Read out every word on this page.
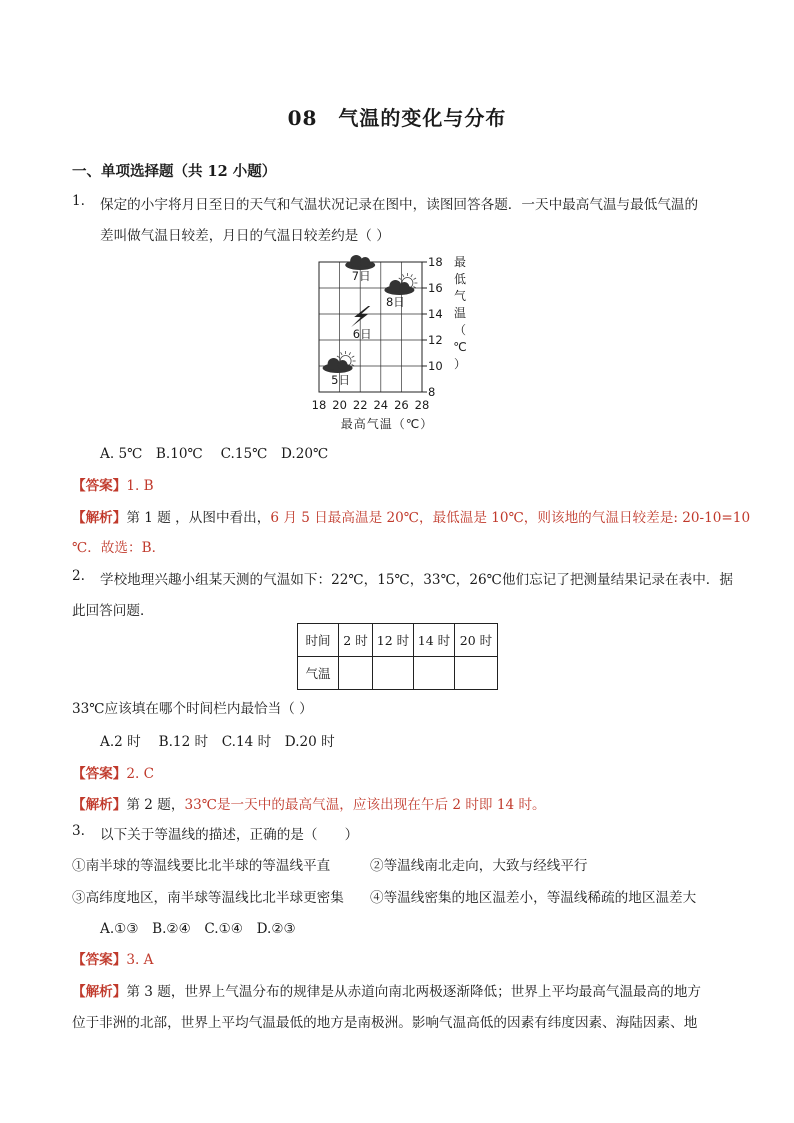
08　气温的变化与分布
一、单项选择题（共 12 小题）
1. 保定的小宇将月日至日的天气和气温状况记录在图中，读图回答各题．一天中最高气温与最低气温的
差叫做气温日较差，月日的气温日较差约是（ ）
18 20 22 24 26 28
8
10
12
14
16
18
5日
6日
7日
8日
最高气温（℃）
最
低
气
温
（
℃
）
A. 5℃　B.10℃　 C.15℃　D.20℃
【答案】1. B
【解析】第 1 题 ，从图中看出，6 月 5 日最高温是 20℃，最低温是 10℃，则该地的气温日较差是: 20-10=10
℃．故选：B．
2. 学校地理兴趣小组某天测的气温如下：22℃，15℃，33℃，26℃他们忘记了把测量结果记录在表中．据
此回答问题．
时间	2 时	12 时	14 时	20 时
气温				
33℃应该填在哪个时间栏内最恰当（ ）
A.2 时　 B.12 时　C.14 时　D.20 时
【答案】2. C
【解析】第 2 题，33℃是一天中的最高气温，应该出现在午后 2 时即 14 时。
3. 以下关于等温线的描述，正确的是（　　）
①南半球的等温线要比北半球的等温线平直	②等温线南北走向，大致与经线平行
③高纬度地区，南半球等温线比北半球更密集 ④等温线密集的地区温差小，等温线稀疏的地区温差大
A.①③　B.②④　C.①④　D.②③
【答案】3. A
【解析】第 3 题，世界上气温分布的规律是从赤道向南北两极逐渐降低；世界上平均最高气温最高的地方
位于非洲的北部，世界上平均气温最低的地方是南极洲。影响气温高低的因素有纬度因素、海陆因素、地
